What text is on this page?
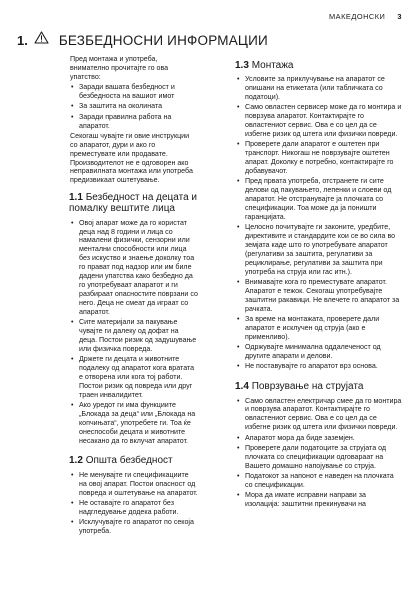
МАКЕДОНСКИ 3
1. БЕЗБЕДНОСНИ ИНФОРМАЦИИ

Пред монтажа и употреба, внимателно прочитајте го ова упатство:

• Заради вашата безбедност и безбедноста на вашиот имот
• За заштита на околината
• Заради правилна работа на апаратот.

Секогаш чувајте ги овие инструкции со апаратот, дури и ако го преместувате или продавате.

Производителот не е одговорен ако неправилната монтажа или употреба предизвикаат оштетување.

1.1 Безбедност на децата и помалку вештите лица
• Овој апарат може да го користат деца над 8 години и лица со намалени физички, сензорни или ментални способности или лица без искуство и знаење доколку тоа го прават под надзор или им биле дадени упатства како безбедно да го употребуваат апаратот и ги разбираат опасностите поврзани со него. Деца не смеат да играат со апаратот.
• Сите материјали за пакување чувајте ги далеку од дофат на деца. Постои ризик од задушување или физичка повреда.
• Држете ги децата и животните подалеку од апаратот кога вратата е отворена или кога тој работи. Постои ризик од повреда или друг траен инвалидитет.
• Ако уредот ги има функциите „Блокада за деца“ или „Блокада на копчињата“, употребете ги. Тоа ќе онеспособи децата и животните несакано да го вклучат апаратот.
1.2 Општа безбедност
• Не менувајте ги спецификациите на овој апарат. Постои опасност од повреда и оштетување на апаратот.
• Не оставајте го апаратот без надгледување додека работи.
• Исклучувајте го апаратот по секоја употреба.
1.3 Монтажа
• Условите за приклучување на апаратот се опишани на етикетата (или табличката со податоци).
• Само овластен сервисер може да го монтира и поврзува апаратот. Контактирајте го овластениот сервис. Ова е со цел да се избегне ризик од штета или физички повреди.
• Проверете дали апаратот е оштетен при транспорт. Никогаш не поврзувајте оштетен апарат. Доколку е потребно, контактирајте го добавувачот.
• Пред првата употреба, отстранете ги сите делови од пакувањето, лепенки и слоеви од апаратот. Не отстранувајте ја плочката со спецификации. Тоа може да ја поништи гаранцијата.
• Целосно почитувајте ги законите, уредбите, директивите и стандардите кои се во сила во земјата каде што го употребувате апаратот (регулативи за заштита, регулативи за рециклирање, регулативи за заштита при употреба на струја или гас итн.).
• Внимавајте кога го преместувате апаратот. Апаратот е тежок. Секогаш употребувајте заштитни ракавици. Не влечете го апаратот за рачката.
• За време на монтажата, проверете дали апаратот е исклучен од струја (ако е применливо).
• Одржувајте минимална оддалеченост од другите апарати и делови.
• Не поставувајте го апаратот врз основа.
1.4 Поврзување на струјата
• Само овластен електричар смее да го монтира и поврзува апаратот. Контактирајте го овластениот сервис. Ова е со цел да се избегне ризик од штета или физички повреди.
• Апаратот мора да биде заземјен.
• Проверете дали податоците за струјата од плочката со спецификации одговараат на Вашето домашно напојување со струја.
• Податокот за напонот е наведен на плочката со спецификации.
• Мора да имате исправни направи за изолација: заштитни прекинувачи на
